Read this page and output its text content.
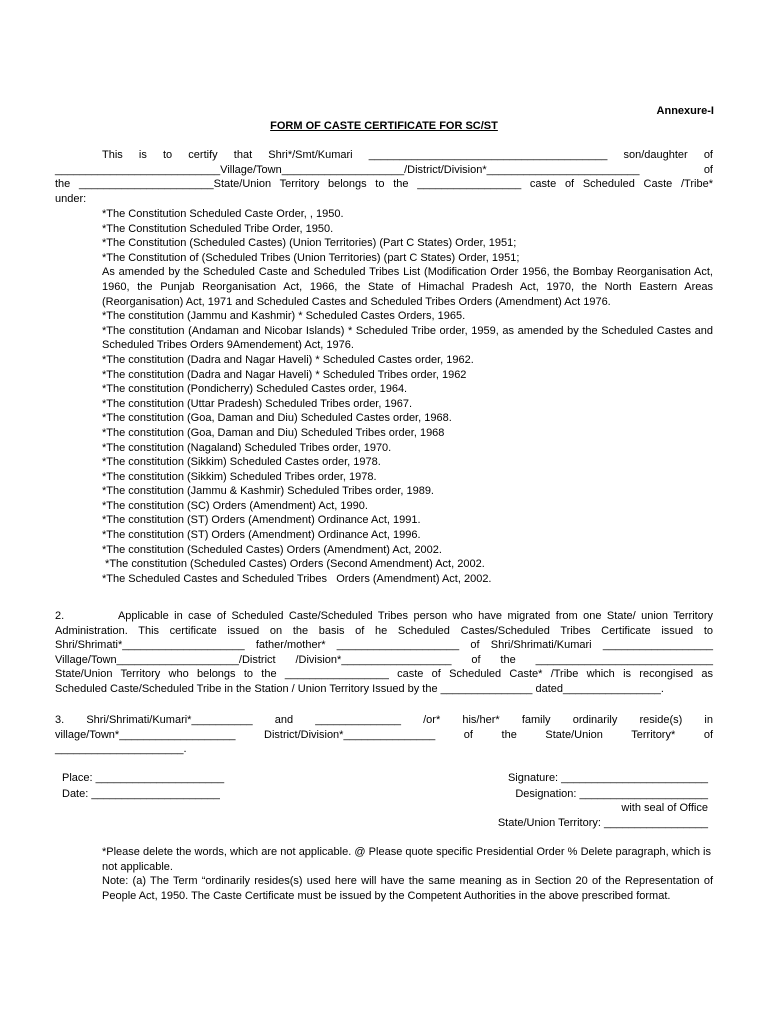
Annexure-I
FORM OF CASTE CERTIFICATE FOR SC/ST
This is to certify that Shri*/Smt/Kumari _______________________________________ son/daughter of
___________________________Village/Town____________________/District/Division*_________________________ of
the ______________________State/Union Territory belongs to the _________________ caste of Scheduled Caste /Tribe*
under:
*The Constitution Scheduled Caste Order, , 1950.
*The Constitution Scheduled Tribe Order, 1950.
*The Constitution (Scheduled Castes) (Union Territories) (Part C States) Order, 1951;
*The Constitution of (Scheduled Tribes (Union Territories) (part C States) Order, 1951;
As amended by the Scheduled Caste and Scheduled Tribes List (Modification Order 1956, the Bombay Reorganisation Act, 1960, the Punjab Reorganisation Act, 1966, the State of Himachal Pradesh Act, 1970, the North Eastern Areas (Reorganisation) Act, 1971 and Scheduled Castes and Scheduled Tribes Orders (Amendment) Act 1976.
*The constitution (Jammu and Kashmir) * Scheduled Castes Orders, 1965.
*The constitution (Andaman and Nicobar Islands) * Scheduled Tribe order, 1959, as amended by the Scheduled Castes and Scheduled Tribes Orders 9Amendement) Act, 1976.
*The constitution (Dadra and Nagar Haveli) * Scheduled Castes order, 1962.
*The constitution (Dadra and Nagar Haveli) * Scheduled Tribes order, 1962
*The constitution (Pondicherry) Scheduled Castes order, 1964.
*The constitution (Uttar Pradesh) Scheduled Tribes order, 1967.
*The constitution (Goa, Daman and Diu) Scheduled Castes order, 1968.
*The constitution (Goa, Daman and Diu) Scheduled Tribes order, 1968
*The constitution (Nagaland) Scheduled Tribes order, 1970.
*The constitution (Sikkim) Scheduled Castes order, 1978.
*The constitution (Sikkim) Scheduled Tribes order, 1978.
*The constitution (Jammu & Kashmir) Scheduled Tribes order, 1989.
*The constitution (SC) Orders (Amendment) Act, 1990.
*The constitution (ST) Orders (Amendment) Ordinance Act, 1991.
*The constitution (ST) Orders (Amendment) Ordinance Act, 1996.
*The constitution (Scheduled Castes) Orders (Amendment) Act, 2002.
*The constitution (Scheduled Castes) Orders (Second Amendment) Act, 2002.
*The Scheduled Castes and Scheduled Tribes   Orders (Amendment) Act, 2002.
2.          Applicable in case of Scheduled Caste/Scheduled Tribes person who have migrated from one State/ union Territory
Administration. This certificate issued on the basis of he Scheduled Castes/Scheduled Tribes Certificate issued to
Shri/Shrimati*____________________ father/mother* ____________________ of Shri/Shrimati/Kumari __________________
Village/Town____________________/District /Division*__________________ of the _____________________________
State/Union Territory who belongs to the _________________ caste of Scheduled Caste* /Tribe which is recongised as
Scheduled Caste/Scheduled Tribe in the Station / Union Territory Issued by the _______________ dated________________.
3. Shri/Shrimati/Kumari*__________ and ______________ /or* his/her* family ordinarily reside(s) in
village/Town*___________________ District/Division*_______________ of the State/Union Territory* of
_____________________.
Place: _____________________
Date: _____________________
Signature: ________________________
Designation: _____________________
with seal of Office
State/Union Territory: _________________
*Please delete the words, which are not applicable. @ Please quote specific Presidential Order % Delete paragraph, which is not applicable.
Note: (a) The Term “ordinarily resides(s) used here will have the same meaning as in Section 20 of the Representation of People Act, 1950. The Caste Certificate must be issued by the Competent Authorities in the above prescribed format.
